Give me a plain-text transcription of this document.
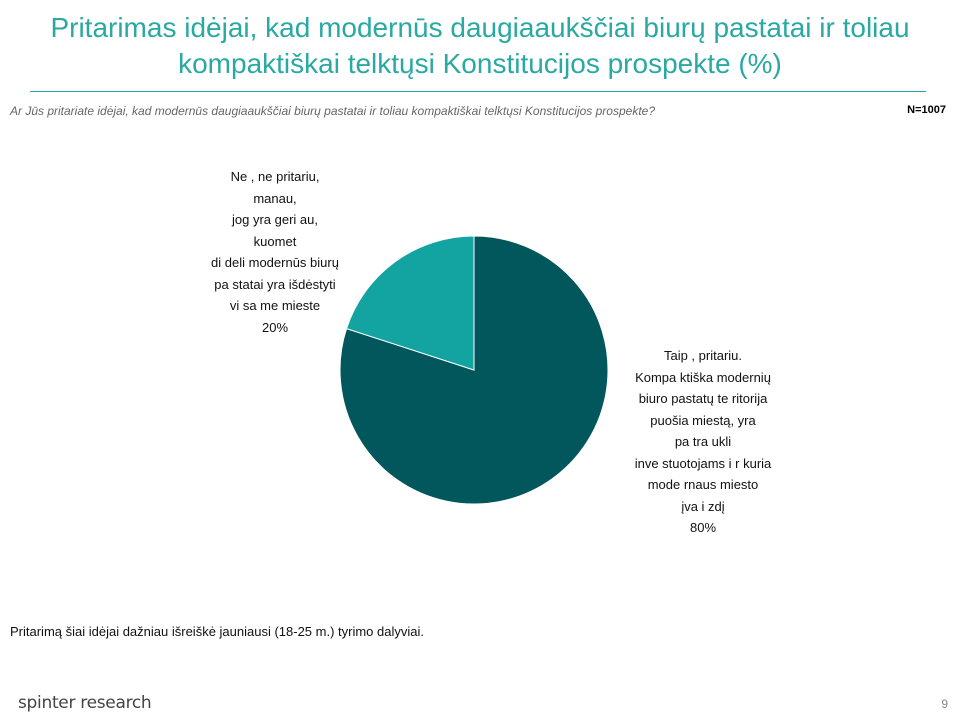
Pritarimas idėjai, kad modernūs daugiaaukščiai biurų pastatai ir toliau kompaktiškai telktųsi Konstitucijos prospekte (%)
Ar Jūs pritariate idėjai, kad modernūs daugiaaukščiai biurų pastatai ir toliau kompaktiškai telktųsi Konstitucijos prospekte?	N=1007
Ne , ne pritariu, manau,
jog yra geri au, kuomet
di deli modernūs biurų
pa statai yra išdėstyti
vi sa me mieste
20%
Taip , pritariu.
Kompa ktiška modernių
biuro pastatų te ritorija
puošia miestą, yra
pa tra ukli
inve stuotojams i r kuria
mode rnaus miesto
įva i zdį
80%
Pritarimą šiai idėjai dažniau išreiškė jauniausi (18-25 m.) tyrimo dalyviai.
spinter research	9
